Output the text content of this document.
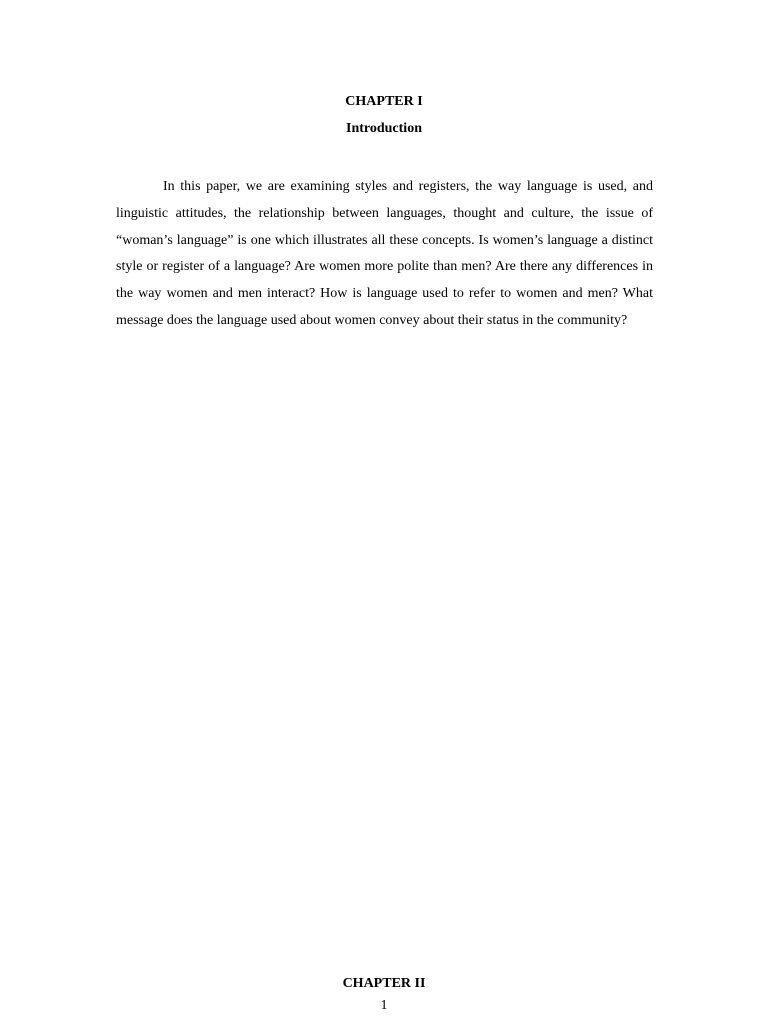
CHAPTER I
Introduction

In this paper, we are examining styles and registers, the way language is used, and linguistic attitudes, the relationship between languages, thought and culture, the issue of “woman’s language” is one which illustrates all these concepts. Is women’s language a distinct style or register of a language? Are women more polite than men? Are there any differences in the way women and men interact? How is language used to refer to women and men? What message does the language used about women convey about their status in the community?

CHAPTER II
1
